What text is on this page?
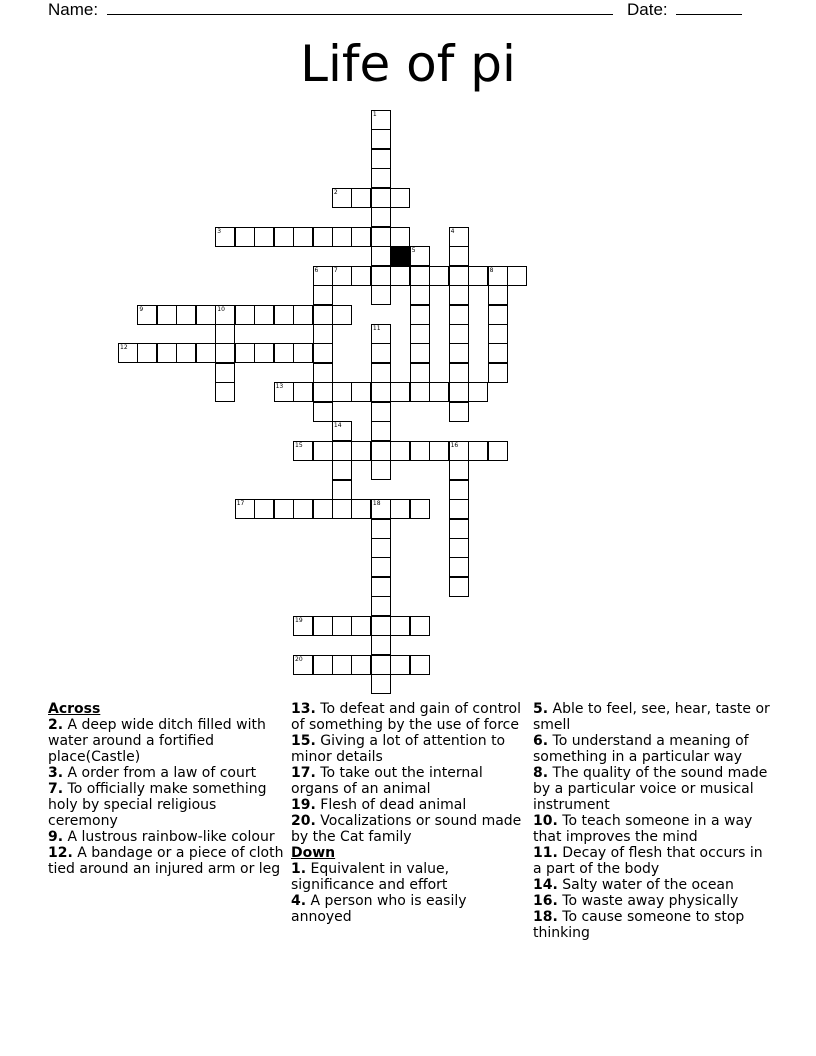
Name:	Date:
Life of pi
1
2
3	4
5
6	7	8
9	10
11
12
13
14
15	16
17	18
19
20
Across
2. A deep wide ditch filled with water around a fortified place(Castle)
3. A order from a law of court
7. To officially make something holy by special religious ceremony
9. A lustrous rainbow-like colour
12. A bandage or a piece of cloth tied around an injured arm or leg
13. To defeat and gain of control of something by the use of force
15. Giving a lot of attention to minor details
17. To take out the internal organs of an animal
19. Flesh of dead animal
20. Vocalizations or sound made by the Cat family
Down
1. Equivalent in value, significance and effort
4. A person who is easily annoyed
5. Able to feel, see, hear, taste or smell
6. To understand a meaning of something in a particular way
8. The quality of the sound made by a particular voice or musical instrument
10. To teach someone in a way that improves the mind
11. Decay of flesh that occurs in a part of the body
14. Salty water of the ocean
16. To waste away physically
18. To cause someone to stop thinking
